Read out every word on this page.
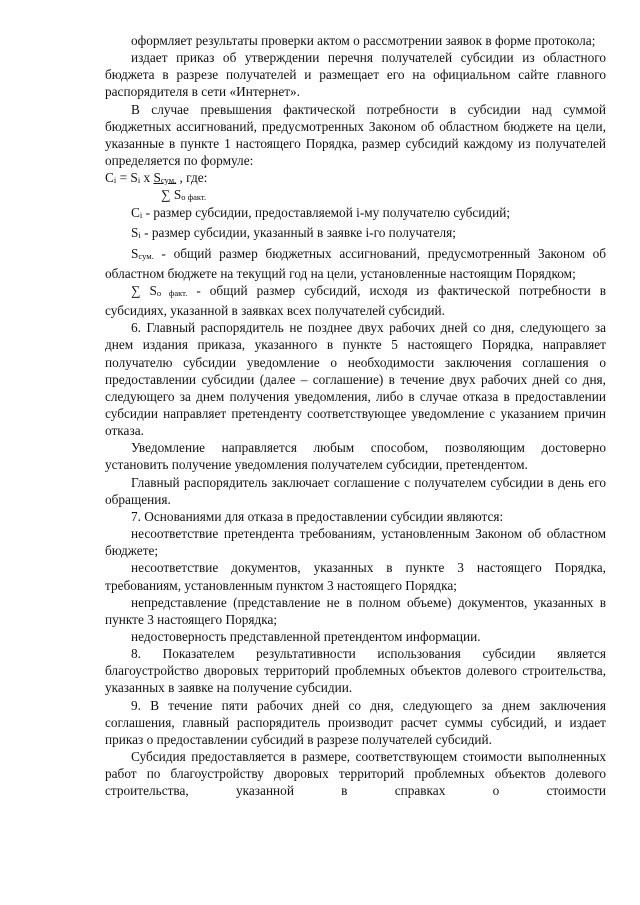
оформляет результаты проверки актом о рассмотрении заявок в форме протокола;

издает приказ об утверждении перечня получателей субсидии из областного бюджета в разрезе получателей и размещает его на официальном сайте главного распорядителя в сети «Интернет».

В случае превышения фактической потребности в субсидии над суммой бюджетных ассигнований, предусмотренных Законом об областном бюджете на цели, указанные в пункте 1 настоящего Порядка, размер субсидий каждому из получателей определяется по формуле:

Сi = Si х Sсум. , где:
∑ Sо факт.

Сi - размер субсидии, предоставляемой i-му получателю субсидий;

Si - размер субсидии, указанный в заявке i-го получателя;

Sсум. - общий размер бюджетных ассигнований, предусмотренный Законом об областном бюджете на текущий год на цели, установленные настоящим Порядком;

∑ Sо факт. - общий размер субсидий, исходя из фактической потребности в субсидиях, указанной в заявках всех получателей субсидий.

6. Главный распорядитель не позднее двух рабочих дней со дня, следующего за днем издания приказа, указанного в пункте 5 настоящего Порядка, направляет получателю субсидии уведомление о необходимости заключения соглашения о предоставлении субсидии (далее – соглашение) в течение двух рабочих дней со дня, следующего за днем получения уведомления, либо в случае отказа в предоставлении субсидии направляет претенденту соответствующее уведомление с указанием причин отказа.

Уведомление направляется любым способом, позволяющим достоверно установить получение уведомления получателем субсидии, претендентом.

Главный распорядитель заключает соглашение с получателем субсидии в день его обращения.

7. Основаниями для отказа в предоставлении субсидии являются:

несоответствие претендента требованиям, установленным Законом об областном бюджете;

несоответствие документов, указанных в пункте 3 настоящего Порядка, требованиям, установленным пунктом 3 настоящего Порядка;

непредставление (представление не в полном объеме) документов, указанных в пункте 3 настоящего Порядка;

недостоверность представленной претендентом информации.

8. Показателем результативности использования субсидии является благоустройство дворовых территорий проблемных объектов долевого строительства, указанных в заявке на получение субсидии.

9. В течение пяти рабочих дней со дня, следующего за днем заключения соглашения, главный распорядитель производит расчет суммы субсидий, и издает приказ о предоставлении субсидий в разрезе получателей субсидий.

Субсидия предоставляется в размере, соответствующем стоимости выполненных работ по благоустройству дворовых территорий проблемных объектов долевого строительства, указанной в справках о стоимости
